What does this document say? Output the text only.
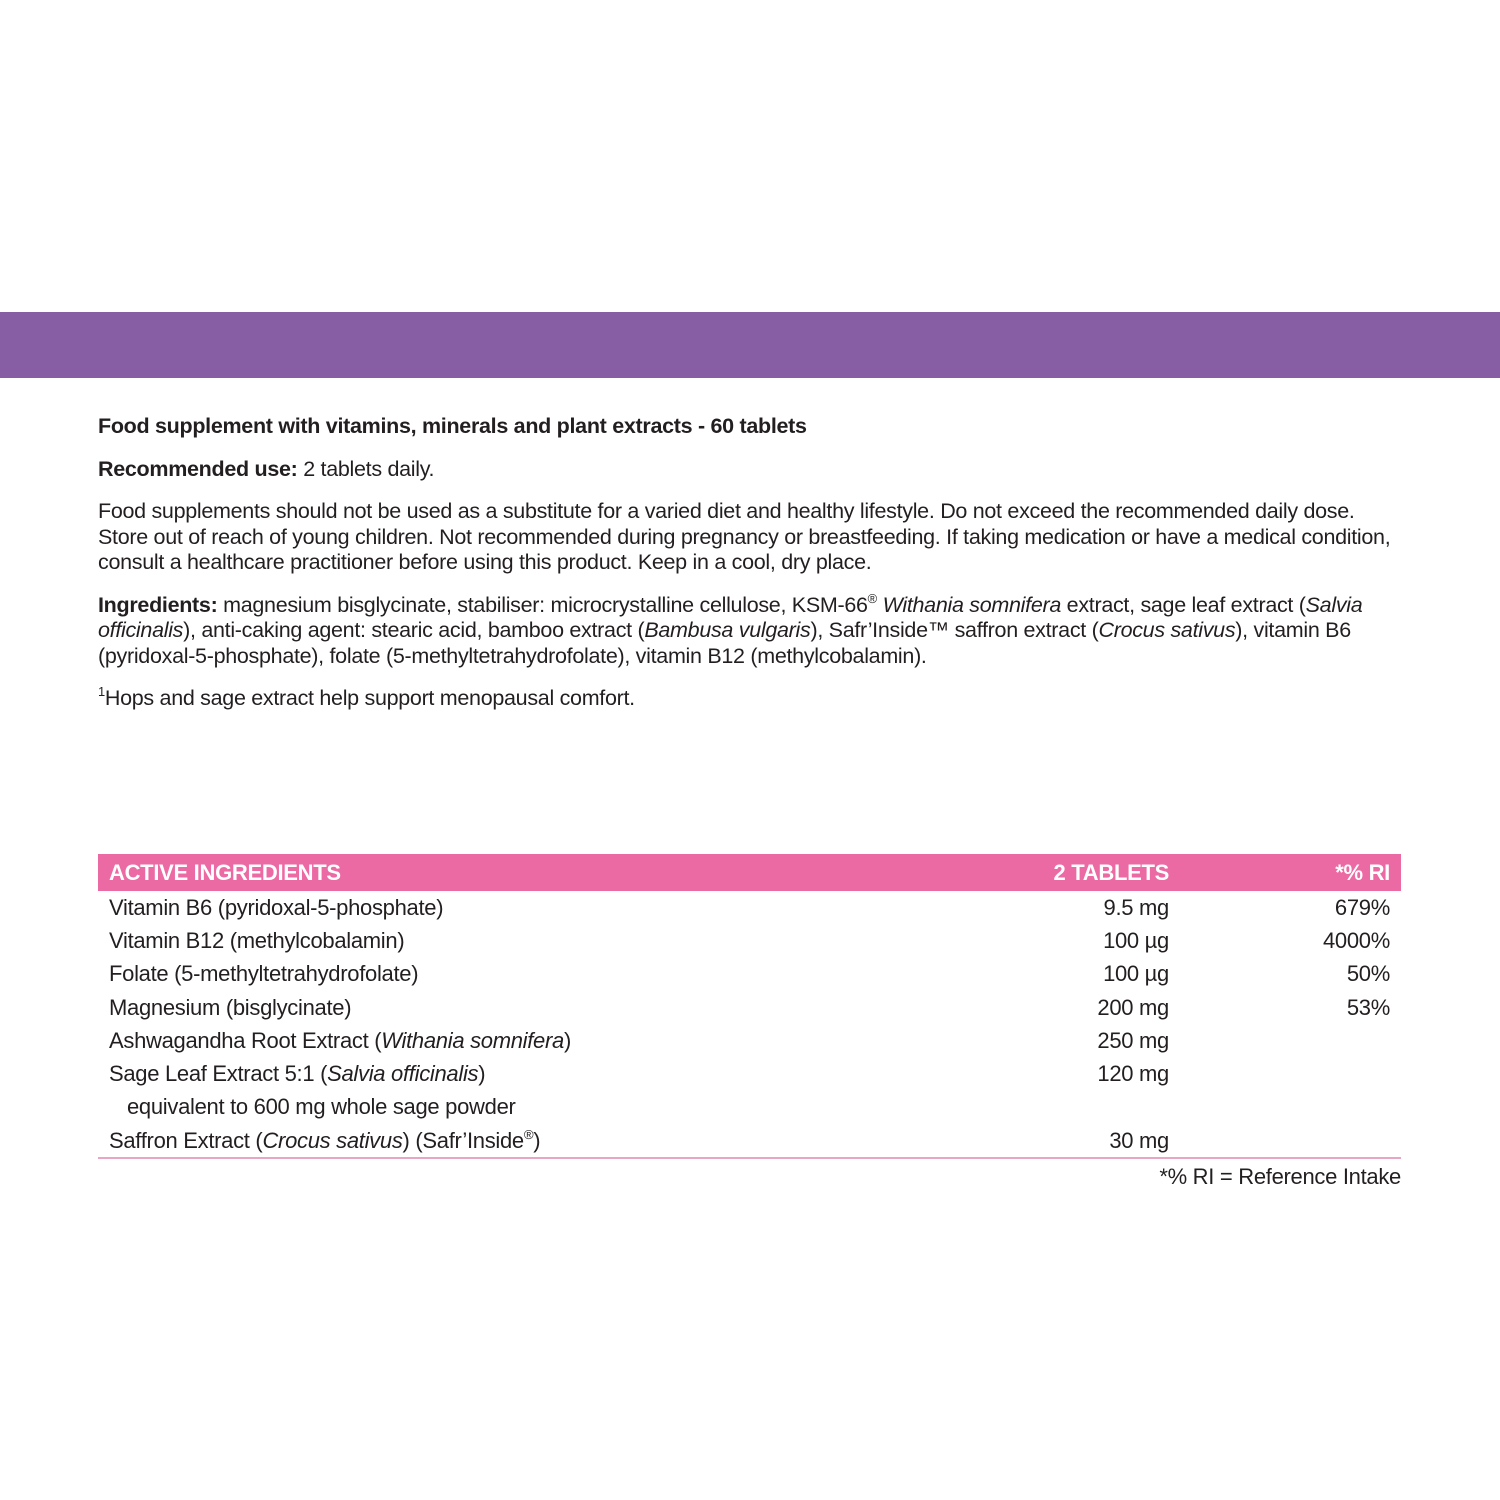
Food supplement with vitamins, minerals and plant extracts - 60 tablets

Recommended use: 2 tablets daily.

Food supplements should not be used as a substitute for a varied diet and healthy lifestyle. Do not exceed the recommended daily dose. Store out of reach of young children. Not recommended during pregnancy or breastfeeding. If taking medication or have a medical condition, consult a healthcare practitioner before using this product. Keep in a cool, dry place.

Ingredients: magnesium bisglycinate, stabiliser: microcrystalline cellulose, KSM-66® Withania somnifera extract, sage leaf extract (Salvia officinalis), anti-caking agent: stearic acid, bamboo extract (Bambusa vulgaris), Safr’Inside™ saffron extract (Crocus sativus), vitamin B6 (pyridoxal-5-phosphate), folate (5-methyltetrahydrofolate), vitamin B12 (methylcobalamin).

$^1$Hops and sage extract help support menopausal comfort.

ACTIVE INGREDIENTS	2 TABLETS	*% RI
Vitamin B6 (pyridoxal-5-phosphate)	9.5 mg	679%
Vitamin B12 (methylcobalamin)	100 µg	4000%
Folate (5-methyltetrahydrofolate)	100 µg	50%
Magnesium (bisglycinate)	200 mg	53%
Ashwagandha Root Extract (Withania somnifera)	250 mg	
Sage Leaf Extract 5:1 (Salvia officinalis)	120 mg	
equivalent to 600 mg whole sage powder		
Saffron Extract (Crocus sativus) (Safr’Inside®)	30 mg	
*% RI = Reference Intake
